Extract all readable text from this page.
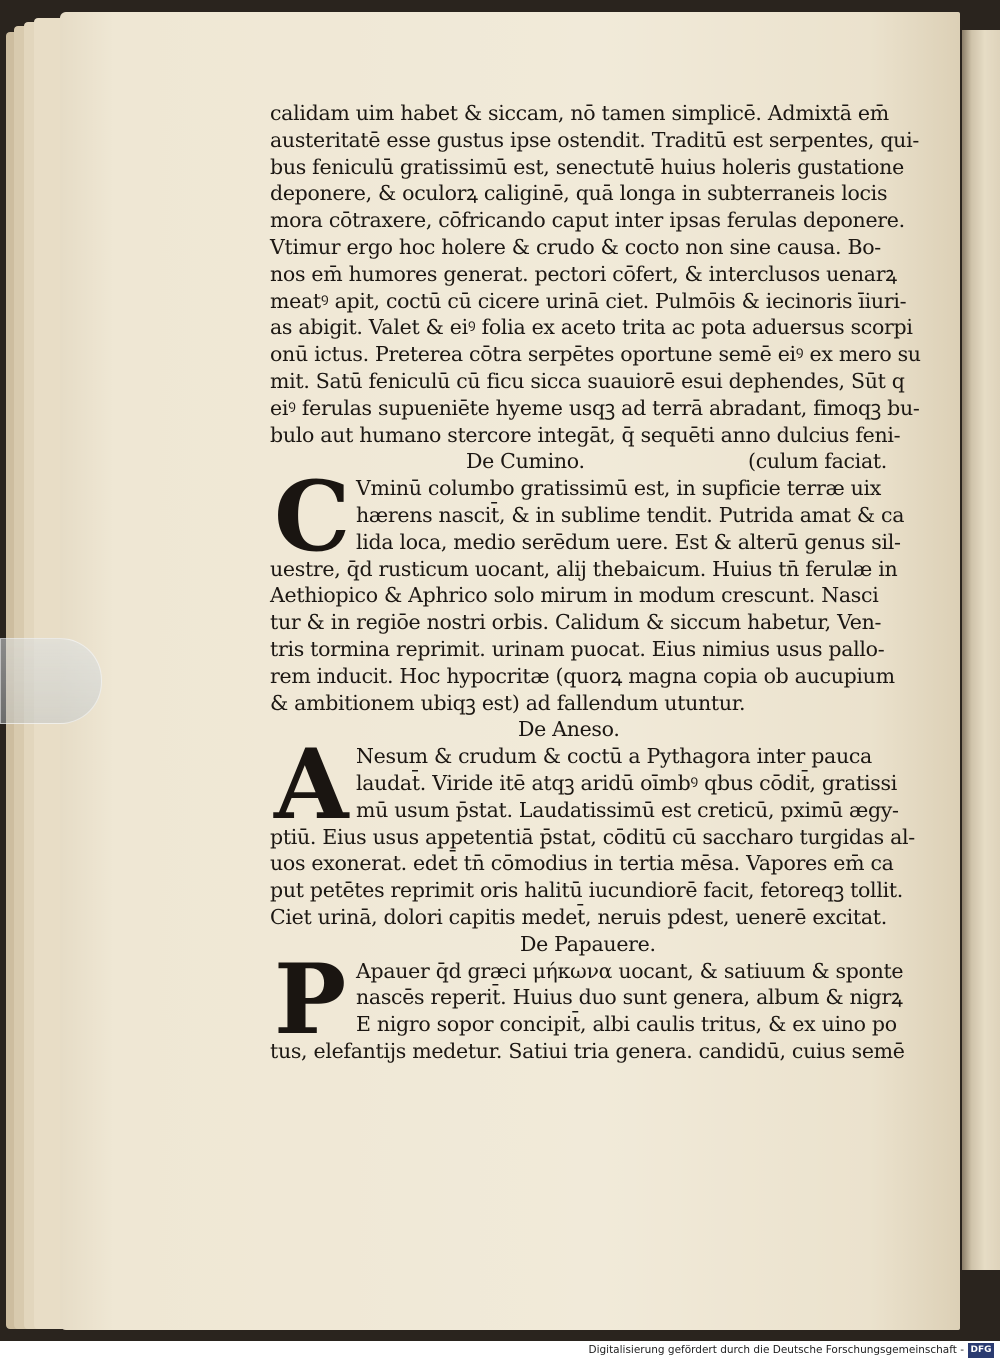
calidam uim habet & siccam, nō tamen simplicē. Admixtā em̄
austeritatē esse gustus ipse ostendit. Traditū est serpentes, qui-
bus feniculū gratissimū est, senectutē huius holeris gustatione
deponere, & oculorꝝ caliginē, quā longa in subterraneis locis
mora cōtraxere, cōfricando caput inter ipsas ferulas deponere.
Vtimur ergo hoc holere & crudo & cocto non sine causa. Bo-
nos em̄ humores generat. pectori cōfert, & interclusos uenarꝝ
meatꝰ apit, coctū cū cicere urinā ciet. Pulmōis & iecinoris īiuri-
as abigit. Valet & eiꝰ folia ex aceto trita ac pota aduersus scorpi
onū ictus. Preterea cōtra serpētes oportune semē eiꝰ ex mero su
mit. Satū feniculū cū ficu sicca suauiorē esui dephendes, Sūt q
eiꝰ ferulas supueniēte hyeme usqꝫ ad terrā abradant, fimoqꝫ bu-
bulo aut humano stercore integāt, q̄ sequēti anno dulcius feni-
De Cumino.	(culum faciat.
C Vminū columbo gratissimū est, in supficie terræ uix
hærens nascit̄, & in sublime tendit. Putrida amat & ca
lida loca, medio serēdum uere. Est & alterū genus sil-
uestre, q̄d rusticum uocant, alij thebaicum. Huius tn̄ ferulæ in
Aethiopico & Aphrico solo mirum in modum crescunt. Nasci
tur & in regiōe nostri orbis. Calidum & siccum habetur, Ven-
tris tormina reprimit. urinam puocat. Eius nimius usus pallo-
rem inducit. Hoc hypocritæ (quorꝝ magna copia ob aucupium
& ambitionem ubiqꝫ est) ad fallendum utuntur.
De Aneso.
A Nesum & crudum & coctū a Pythagora inter pauca
laudat̄. Viride itē atqꝫ aridū oīmbꝰ qbus cōdit̄, gratissi
mū usum p̄stat. Laudatissimū est creticū, pximū ægy-
ptiū. Eius usus appetentiā p̄stat, cōditū cū saccharo turgidas al-
uos exonerat. edet̄ tn̄ cōmodius in tertia mēsa. Vapores em̄ ca
put petētes reprimit oris halitū iucundiorē facit, fetoreqꝫ tollit.
Ciet urinā, dolori capitis medet̄, neruis pdest, uenerē excitat.
De Papauere.
P Apauer q̄d græci μήκωνα uocant, & satiuum & sponte
nascēs reperit̄. Huius duo sunt genera, album & nigrꝝ
E nigro sopor concipit̄, albi caulis tritus, & ex uino po
tus, elefantijs medetur. Satiui tria genera. candidū, cuius semē
Digitalisierung gefördert durch die Deutsche Forschungsgemeinschaft - DFG
